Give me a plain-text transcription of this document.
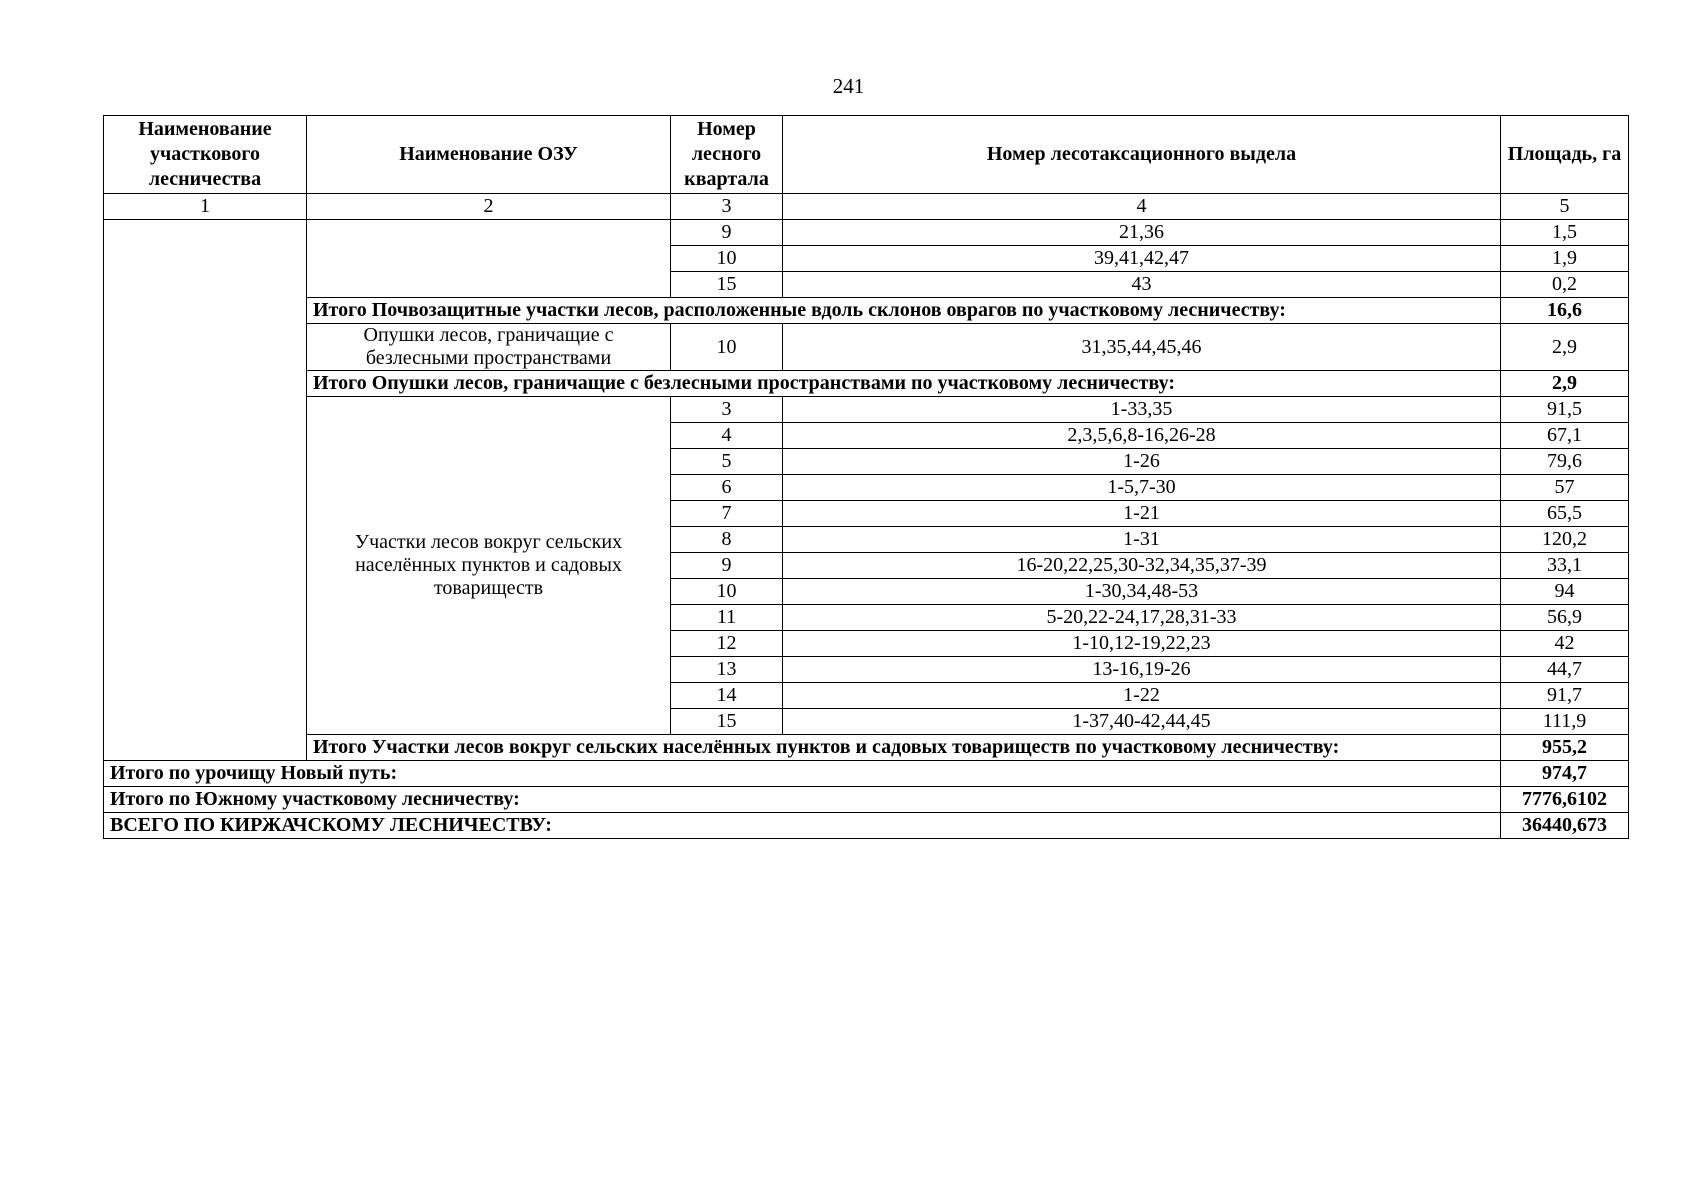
241
Наименование участкового лесничества	Наименование ОЗУ	Номер лесного квартала	Номер лесотаксационного выдела	Площадь, га
1	2	3	4	5
		9	21,36	1,5
		10	39,41,42,47	1,9
		15	43	0,2
	Итого Почвозащитные участки лесов, расположенные вдоль склонов оврагов по участковому лесничеству:			16,6
	Опушки лесов, граничащие с безлесными пространствами	10	31,35,44,45,46	2,9
	Итого Опушки лесов, граничащие с безлесными пространствами по участковому лесничеству:			2,9
	Участки лесов вокруг сельских населённых пунктов и садовых товариществ	3	1-33,35	91,5
		4	2,3,5,6,8-16,26-28	67,1
		5	1-26	79,6
		6	1-5,7-30	57
		7	1-21	65,5
		8	1-31	120,2
		9	16-20,22,25,30-32,34,35,37-39	33,1
		10	1-30,34,48-53	94
		11	5-20,22-24,17,28,31-33	56,9
		12	1-10,12-19,22,23	42
		13	13-16,19-26	44,7
		14	1-22	91,7
		15	1-37,40-42,44,45	111,9
	Итого Участки лесов вокруг сельских населённых пунктов и садовых товариществ по участковому лесничеству:			955,2
Итого по урочищу Новый путь:				974,7
Итого по Южному участковому лесничеству:				7776,6102
ВСЕГО ПО КИРЖАЧСКОМУ ЛЕСНИЧЕСТВУ:				36440,673
